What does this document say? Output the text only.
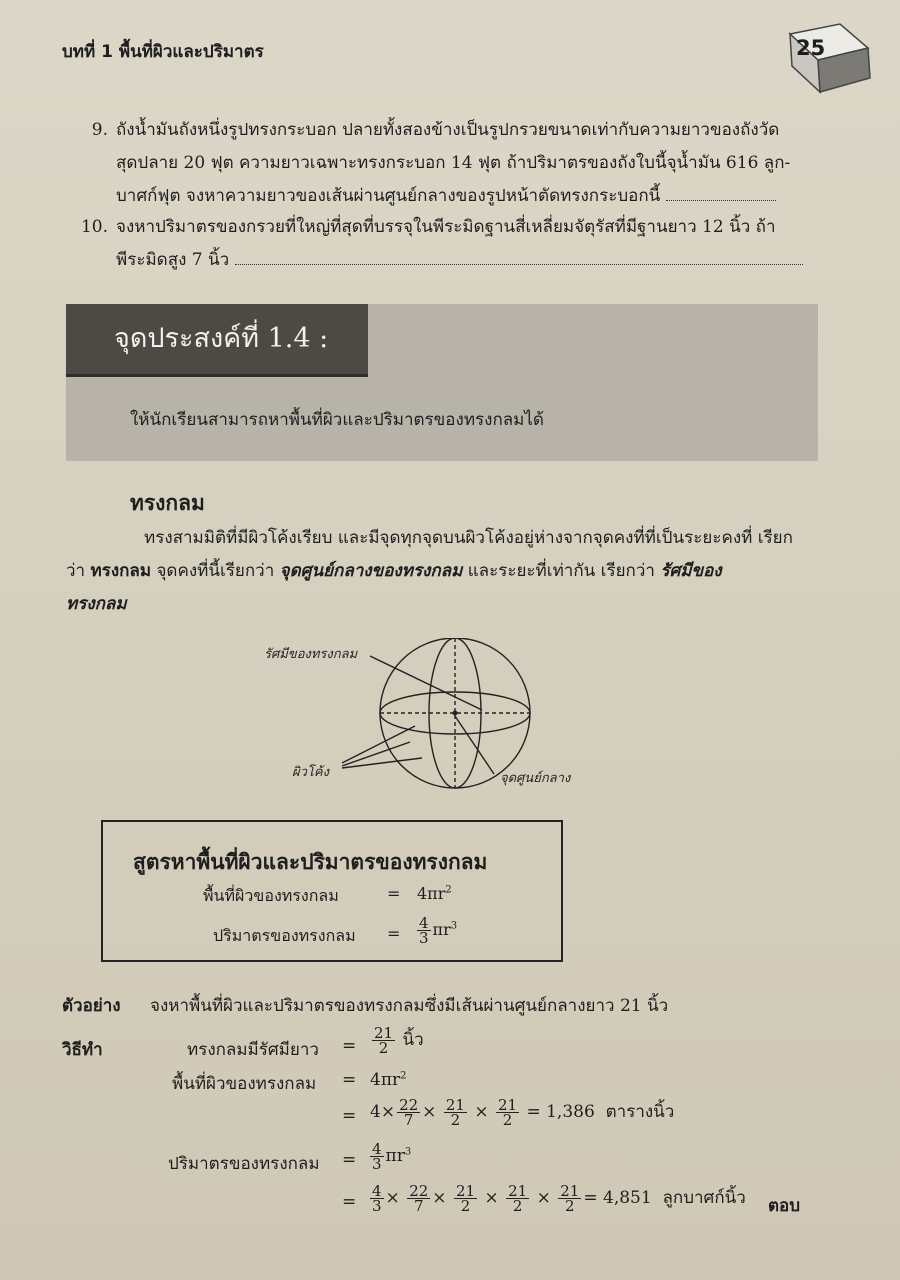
บทที่ 1 พื้นที่ผิวและปริมาตร	25
9. ถังน้ำมันถังหนึ่งรูปทรงกระบอก ปลายทั้งสองข้างเป็นรูปกรวยขนาดเท่ากับความยาวของถังวัด
สุดปลาย 20 ฟุต ความยาวเฉพาะทรงกระบอก 14 ฟุต ถ้าปริมาตรของถังใบนี้จุน้ำมัน 616 ลูก-
บาศก์ฟุต จงหาความยาวของเส้นผ่านศูนย์กลางของรูปหน้าตัดทรงกระบอกนี้
10. จงหาปริมาตรของกรวยที่ใหญ่ที่สุดที่บรรจุในพีระมิดฐานสี่เหลี่ยมจัตุรัสที่มีฐานยาว 12 นิ้ว ถ้า
พีระมิดสูง 7 นิ้ว
จุดประสงค์ที่ 1.4 :
ให้นักเรียนสามารถหาพื้นที่ผิวและปริมาตรของทรงกลมได้
ทรงกลม
ทรงสามมิติที่มีผิวโค้งเรียบ และมีจุดทุกจุดบนผิวโค้งอยู่ห่างจากจุดคงที่ที่เป็นระยะคงที่ เรียก
ว่า ทรงกลม จุดคงที่นี้เรียกว่า จุดศูนย์กลางของทรงกลม และระยะที่เท่ากัน เรียกว่า รัศมีของ
ทรงกลม
รัศมีของทรงกลม
ผิวโค้ง	จุดศูนย์กลาง
สูตรหาพื้นที่ผิวและปริมาตรของทรงกลม
พื้นที่ผิวของทรงกลม	= $4\pi r^2$
ปริมาตรของทรงกลม = $\frac{4}{3} \pi r^3$
ตัวอย่าง จงหาพื้นที่ผิวและปริมาตรของทรงกลมซึ่งมีเส้นผ่านศูนย์กลางยาว 21 นิ้ว
วิธีทำ	ทรงกลมมีรัศมียาว = $\frac{21}{2}$ นิ้ว
พื้นที่ผิวของทรงกลม = $4\pi r^2$
= $4\times \frac{22}{7} \times \frac{21}{2} \times \frac{21}{2} = 1,386$ ตารางนิ้ว
ปริมาตรของทรงกลม = $\frac{4}{3} \pi r^3$
= $\frac{4}{3} \times \frac{22}{7} \times \frac{21}{2} \times \frac{21}{2} \times \frac{21}{2} = 4,851$ ลูกบาศก์นิ้ว ตอบ
